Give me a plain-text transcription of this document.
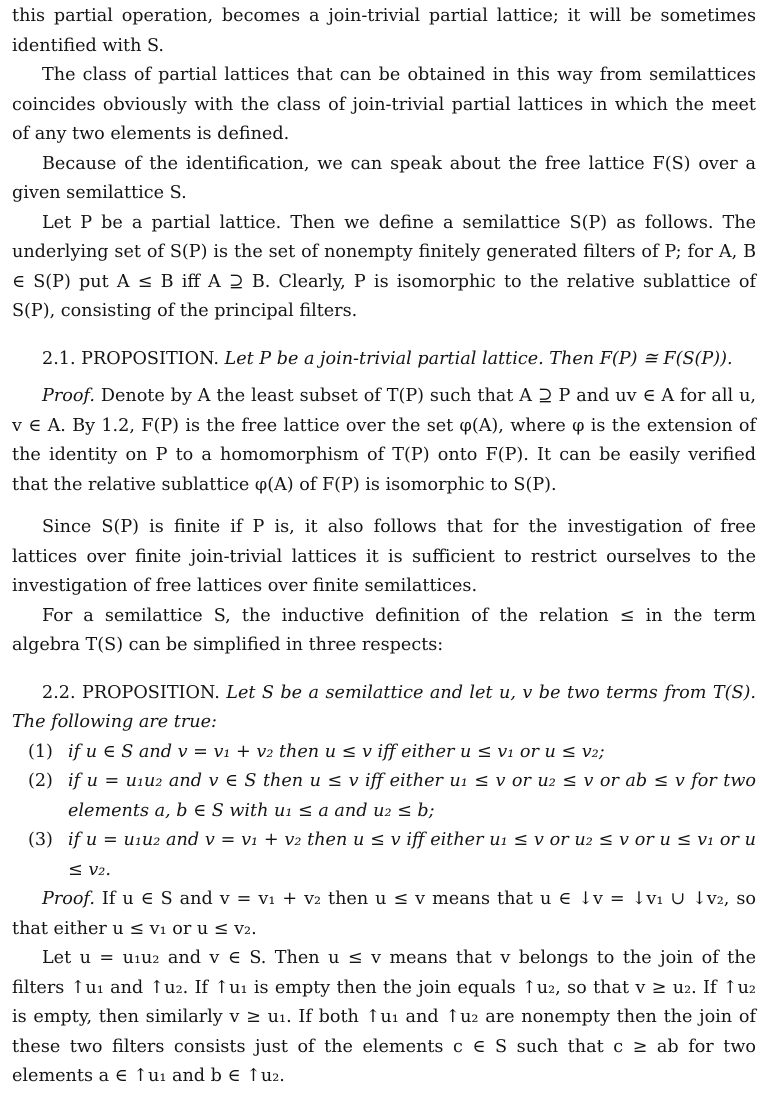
this partial operation, becomes a join-trivial partial lattice; it will be sometimes identified with S.

The class of partial lattices that can be obtained in this way from semilattices coincides obviously with the class of join-trivial partial lattices in which the meet of any two elements is defined.

Because of the identification, we can speak about the free lattice F(S) over a given semilattice S.

Let P be a partial lattice. Then we define a semilattice S(P) as follows. The underlying set of S(P) is the set of nonempty finitely generated filters of P; for A, B ∈ S(P) put A ≤ B iff A ⊇ B. Clearly, P is isomorphic to the relative sublattice of S(P), consisting of the principal filters.

2.1. PROPOSITION. Let P be a join-trivial partial lattice. Then F(P) ≅ F(S(P)).

Proof. Denote by A the least subset of T(P) such that A ⊇ P and uv ∈ A for all u, v ∈ A. By 1.2, F(P) is the free lattice over the set φ(A), where φ is the extension of the identity on P to a homomorphism of T(P) onto F(P). It can be easily verified that the relative sublattice φ(A) of F(P) is isomorphic to S(P).

Since S(P) is finite if P is, it also follows that for the investigation of free lattices over finite join-trivial lattices it is sufficient to restrict ourselves to the investigation of free lattices over finite semilattices.

For a semilattice S, the inductive definition of the relation ≤ in the term algebra T(S) can be simplified in three respects:

2.2. PROPOSITION. Let S be a semilattice and let u, v be two terms from T(S). The following are true:

(1) if u ∈ S and v = v₁ + v₂ then u ≤ v iff either u ≤ v₁ or u ≤ v₂;
(2) if u = u₁u₂ and v ∈ S then u ≤ v iff either u₁ ≤ v or u₂ ≤ v or ab ≤ v for two elements a, b ∈ S with u₁ ≤ a and u₂ ≤ b;
(3) if u = u₁u₂ and v = v₁ + v₂ then u ≤ v iff either u₁ ≤ v or u₂ ≤ v or u ≤ v₁ or u ≤ v₂.

Proof. If u ∈ S and v = v₁ + v₂ then u ≤ v means that u ∈ ↓v = ↓v₁ ∪ ↓v₂, so that either u ≤ v₁ or u ≤ v₂.

Let u = u₁u₂ and v ∈ S. Then u ≤ v means that v belongs to the join of the filters ↑u₁ and ↑u₂. If ↑u₁ is empty then the join equals ↑u₂, so that v ≥ u₂. If ↑u₂ is empty, then similarly v ≥ u₁. If both ↑u₁ and ↑u₂ are nonempty then the join of these two filters consists just of the elements c ∈ S such that c ≥ ab for two elements a ∈ ↑u₁ and b ∈ ↑u₂.
